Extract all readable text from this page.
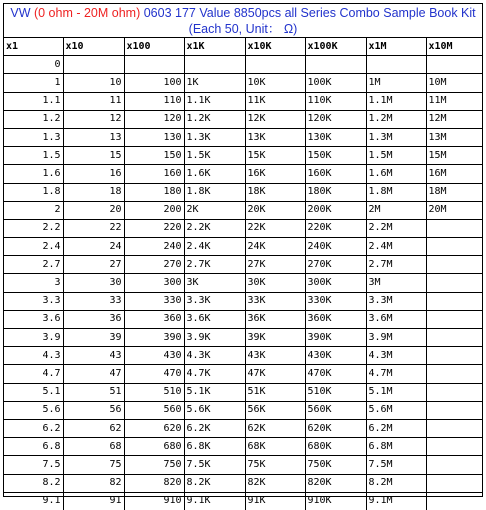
VW (0 ohm - 20M ohm) 0603 177 Value 8850pcs all Series Combo Sample Book Kit
(Each 50, Unit： Ω)
x1	x10	x100	x1K	x10K	x100K	x1M	x10M
0							
1	10	100	1K	10K	100K	1M	10M
1.1	11	110	1.1K	11K	110K	1.1M	11M
1.2	12	120	1.2K	12K	120K	1.2M	12M
1.3	13	130	1.3K	13K	130K	1.3M	13M
1.5	15	150	1.5K	15K	150K	1.5M	15M
1.6	16	160	1.6K	16K	160K	1.6M	16M
1.8	18	180	1.8K	18K	180K	1.8M	18M
2	20	200	2K	20K	200K	2M	20M
2.2	22	220	2.2K	22K	220K	2.2M	
2.4	24	240	2.4K	24K	240K	2.4M	
2.7	27	270	2.7K	27K	270K	2.7M	
3	30	300	3K	30K	300K	3M	
3.3	33	330	3.3K	33K	330K	3.3M	
3.6	36	360	3.6K	36K	360K	3.6M	
3.9	39	390	3.9K	39K	390K	3.9M	
4.3	43	430	4.3K	43K	430K	4.3M	
4.7	47	470	4.7K	47K	470K	4.7M	
5.1	51	510	5.1K	51K	510K	5.1M	
5.6	56	560	5.6K	56K	560K	5.6M	
6.2	62	620	6.2K	62K	620K	6.2M	
6.8	68	680	6.8K	68K	680K	6.8M	
7.5	75	750	7.5K	75K	750K	7.5M	
8.2	82	820	8.2K	82K	820K	8.2M	
9.1	91	910	9.1K	91K	910K	9.1M	
